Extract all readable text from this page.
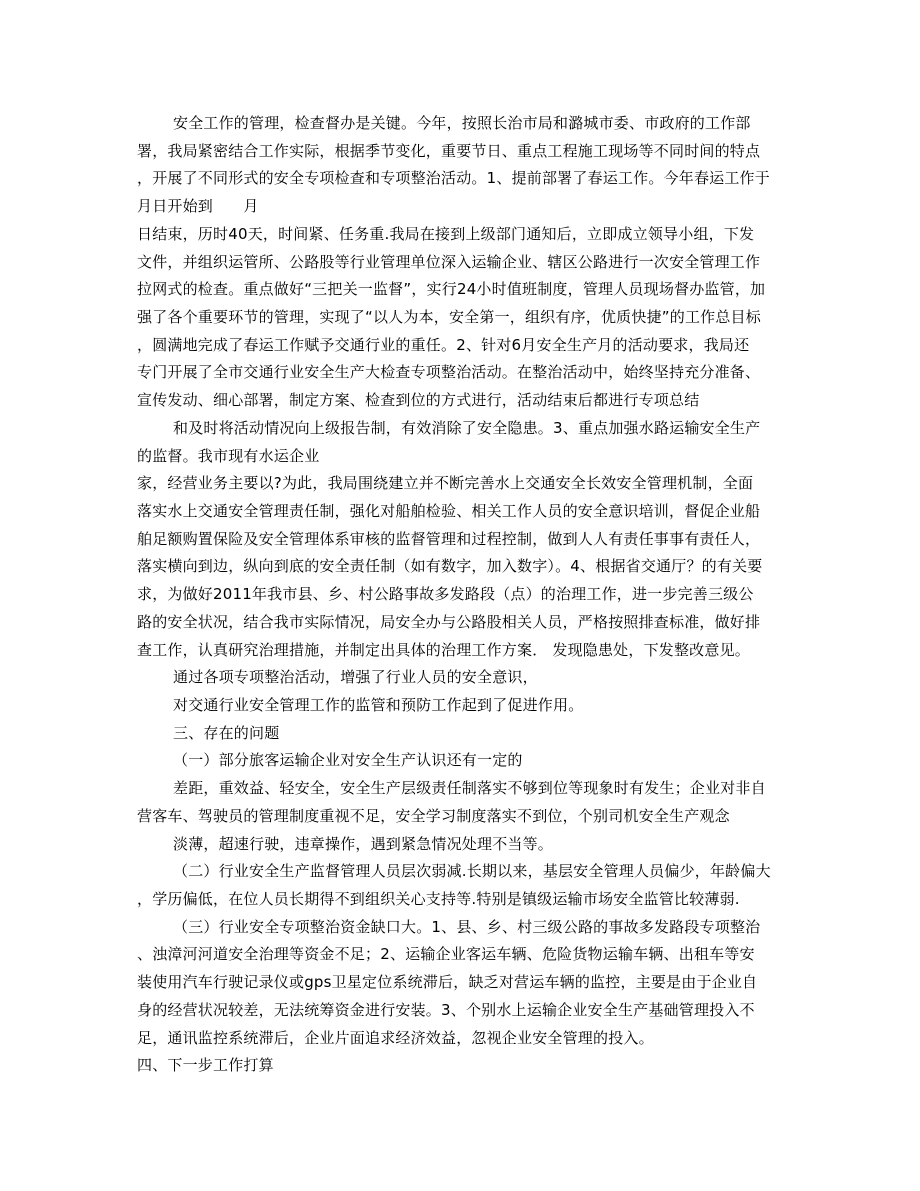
安全工作的管理，检查督办是关键。今年，按照长治市局和潞城市委、市政府的工作部
署，我局紧密结合工作实际，根据季节变化，重要节日、重点工程施工现场等不同时间的特点
，开展了不同形式的安全专项检查和专项整治活动。1、提前部署了春运工作。今年春运工作于
月日开始到　　月
日结束，历时40天，时间紧、任务重.我局在接到上级部门通知后，立即成立领导小组，下发
文件，并组织运管所、公路股等行业管理单位深入运输企业、辖区公路进行一次安全管理工作
拉网式的检查。重点做好“三把关一监督”，实行24小时值班制度，管理人员现场督办监管，加
强了各个重要环节的管理，实现了“以人为本，安全第一，组织有序，优质快捷”的工作总目标
，圆满地完成了春运工作赋予交通行业的重任。2、针对6月安全生产月的活动要求，我局还
专门开展了全市交通行业安全生产大检查专项整治活动。在整治活动中，始终坚持充分准备、
宣传发动、细心部署，制定方案、检查到位的方式进行，活动结束后都进行专项总结
和及时将活动情况向上级报告制，有效消除了安全隐患。3、重点加强水路运输安全生产
的监督。我市现有水运企业
家，经营业务主要以?为此，我局围绕建立并不断完善水上交通安全长效安全管理机制，全面
落实水上交通安全管理责任制，强化对船舶检验、相关工作人员的安全意识培训，督促企业船
舶足额购置保险及安全管理体系审核的监督管理和过程控制，做到人人有责任事事有责任人，
落实横向到边，纵向到底的安全责任制（如有数字，加入数字）。4、根据省交通厅？的有关要
求，为做好2011年我市县、乡、村公路事故多发路段（点）的治理工作，进一步完善三级公
路的安全状况，结合我市实际情况，局安全办与公路股相关人员，严格按照排查标准，做好排
查工作，认真研究治理措施，并制定出具体的治理工作方案． 发现隐患处，下发整改意见。
通过各项专项整治活动，增强了行业人员的安全意识，
对交通行业安全管理工作的监管和预防工作起到了促进作用。
三、存在的问题
（一）部分旅客运输企业对安全生产认识还有一定的
差距，重效益、轻安全，安全生产层级责任制落实不够到位等现象时有发生；企业对非自
营客车、驾驶员的管理制度重视不足，安全学习制度落实不到位，个别司机安全生产观念
淡薄，超速行驶，违章操作，遇到紧急情况处理不当等。
（二）行业安全生产监督管理人员层次弱减.长期以来，基层安全管理人员偏少，年龄偏大
，学历偏低，在位人员长期得不到组织关心支持等.特别是镇级运输市场安全监管比较薄弱.
（三）行业安全专项整治资金缺口大。1、县、乡、村三级公路的事故多发路段专项整治
、浊漳河河道安全治理等资金不足；2、运输企业客运车辆、危险货物运输车辆、出租车等安
装使用汽车行驶记录仪或gps卫星定位系统滞后，缺乏对营运车辆的监控，主要是由于企业自
身的经营状况较差，无法统筹资金进行安装。3、个别水上运输企业安全生产基础管理投入不
足，通讯监控系统滞后，企业片面追求经济效益，忽视企业安全管理的投入。
四、下一步工作打算
